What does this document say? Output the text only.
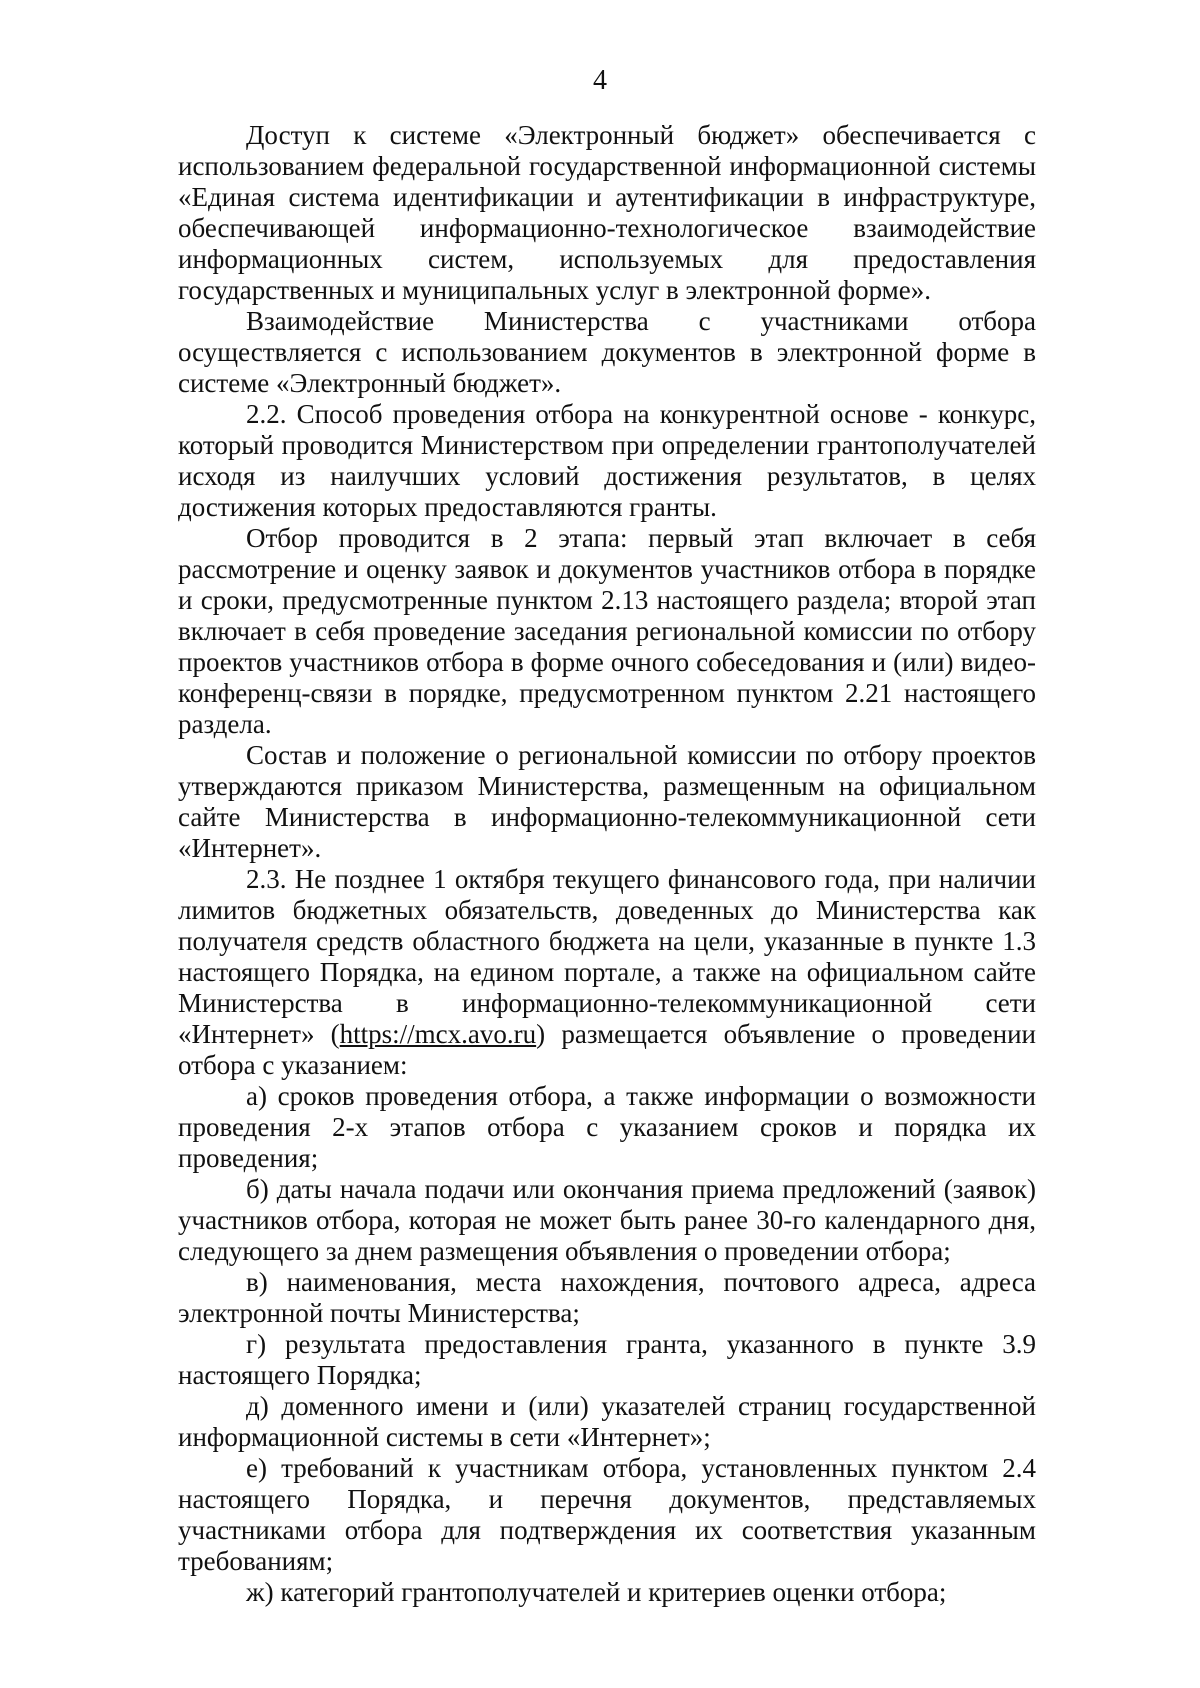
4

Доступ к системе «Электронный бюджет» обеспечивается с использованием федеральной государственной информационной системы «Единая система идентификации и аутентификации в инфраструктуре, обеспечивающей информационно-технологическое взаимодействие информационных систем, используемых для предоставления государственных и муниципальных услуг в электронной форме».

Взаимодействие Министерства с участниками отбора осуществляется с использованием документов в электронной форме в системе «Электронный бюджет».

2.2. Способ проведения отбора на конкурентной основе - конкурс, который проводится Министерством при определении грантополучателей исходя из наилучших условий достижения результатов, в целях достижения которых предоставляются гранты.

Отбор проводится в 2 этапа: первый этап включает в себя рассмотрение и оценку заявок и документов участников отбора в порядке и сроки, предусмотренные пунктом 2.13 настоящего раздела; второй этап включает в себя проведение заседания региональной комиссии по отбору проектов участников отбора в форме очного собеседования и (или) видео-конференц-связи в порядке, предусмотренном пунктом 2.21 настоящего раздела.

Состав и положение о региональной комиссии по отбору проектов утверждаются приказом Министерства, размещенным на официальном сайте Министерства в информационно-телекоммуникационной сети «Интернет».

2.3. Не позднее 1 октября текущего финансового года, при наличии лимитов бюджетных обязательств, доведенных до Министерства как получателя средств областного бюджета на цели, указанные в пункте 1.3 настоящего Порядка, на едином портале, а также на официальном сайте Министерства в информационно-телекоммуникационной сети «Интернет» (https://mcx.avo.ru) размещается объявление о проведении отбора с указанием:

а) сроков проведения отбора, а также информации о возможности проведения 2-х этапов отбора с указанием сроков и порядка их проведения;

б) даты начала подачи или окончания приема предложений (заявок) участников отбора, которая не может быть ранее 30-го календарного дня, следующего за днем размещения объявления о проведении отбора;

в) наименования, места нахождения, почтового адреса, адреса электронной почты Министерства;

г) результата предоставления гранта, указанного в пункте 3.9 настоящего Порядка;

д) доменного имени и (или) указателей страниц государственной информационной системы в сети «Интернет»;

е) требований к участникам отбора, установленных пунктом 2.4 настоящего Порядка, и перечня документов, представляемых участниками отбора для подтверждения их соответствия указанным требованиям;

ж) категорий грантополучателей и критериев оценки отбора;
